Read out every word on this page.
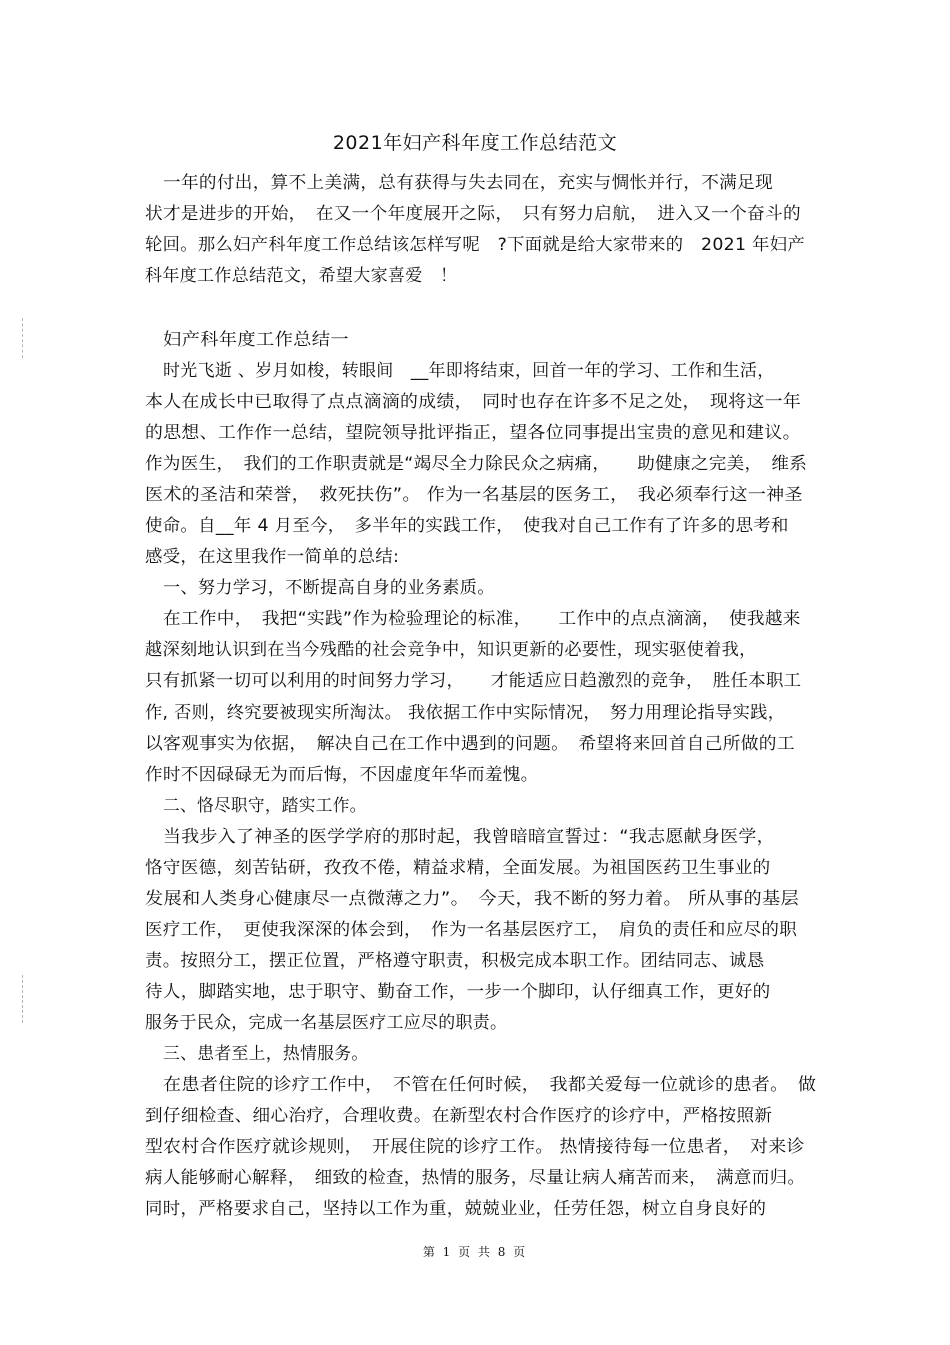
2021年妇产科年度工作总结范文
一年的付出，算不上美满，总有获得与失去同在，充实与惆怅并行，不满足现
状才是进步的开始，　在又一个年度展开之际，　只有努力启航，　进入又一个奋斗的
轮回。那么妇产科年度工作总结该怎样写呢　?下面就是给大家带来的　2021 年妇产
科年度工作总结范文，希望大家喜爱　！
妇产科年度工作总结一
时光飞逝 、岁月如梭，转眼间　__年即将结束，回首一年的学习、工作和生活，
本人在成长中已取得了点点滴滴的成绩，　同时也存在许多不足之处，　现将这一年
的思想、工作作一总结，望院领导批评指正，望各位同事提出宝贵的意见和建议。
作为医生，　我们的工作职责就是“竭尽全力除民众之病痛，　　助健康之完美，　维系
医术的圣洁和荣誉，　救死扶伤”。 作为一名基层的医务工，　我必须奉行这一神圣
使命。自__年 4 月至今，　多半年的实践工作，　使我对自己工作有了许多的思考和
感受，在这里我作一简单的总结:
一、努力学习，不断提高自身的业务素质。
在工作中，　我把“实践”作为检验理论的标准，　　工作中的点点滴滴，　使我越来
越深刻地认识到在当今残酷的社会竞争中，知识更新的必要性，现实驱使着我，
只有抓紧一切可以利用的时间努力学习，　　才能适应日趋激烈的竞争，　胜任本职工
作, 否则，终究要被现实所淘汰。 我依据工作中实际情况，　努力用理论指导实践，
以客观事实为依据，　解决自己在工作中遇到的问题。　希望将来回首自己所做的工
作时不因碌碌无为而后悔，不因虚度年华而羞愧。
二、恪尽职守，踏实工作。
当我步入了神圣的医学学府的那时起，我曾暗暗宣誓过：“我志愿献身医学，
恪守医德，刻苦钻研，孜孜不倦，精益求精，全面发展。为祖国医药卫生事业的
发展和人类身心健康尽一点微薄之力”。　今天，我不断的努力着。 所从事的基层
医疗工作，　更使我深深的体会到，　作为一名基层医疗工，　肩负的责任和应尽的职
责。按照分工，摆正位置，严格遵守职责，积极完成本职工作。团结同志、诚恳
待人，脚踏实地，忠于职守、勤奋工作，一步一个脚印，认仔细真工作，更好的
服务于民众，完成一名基层医疗工应尽的职责。
三、患者至上，热情服务。
在患者住院的诊疗工作中，　不管在任何时候，　我都关爱每一位就诊的患者。　做
到仔细检查、细心治疗，合理收费。在新型农村合作医疗的诊疗中，严格按照新
型农村合作医疗就诊规则，　开展住院的诊疗工作。 热情接待每一位患者，　对来诊
病人能够耐心解释，　细致的检查，热情的服务，尽量让病人痛苦而来，　满意而归。
同时，严格要求自己，坚持以工作为重，兢兢业业，任劳任怨，树立自身良好的
第 1 页 共 8 页
